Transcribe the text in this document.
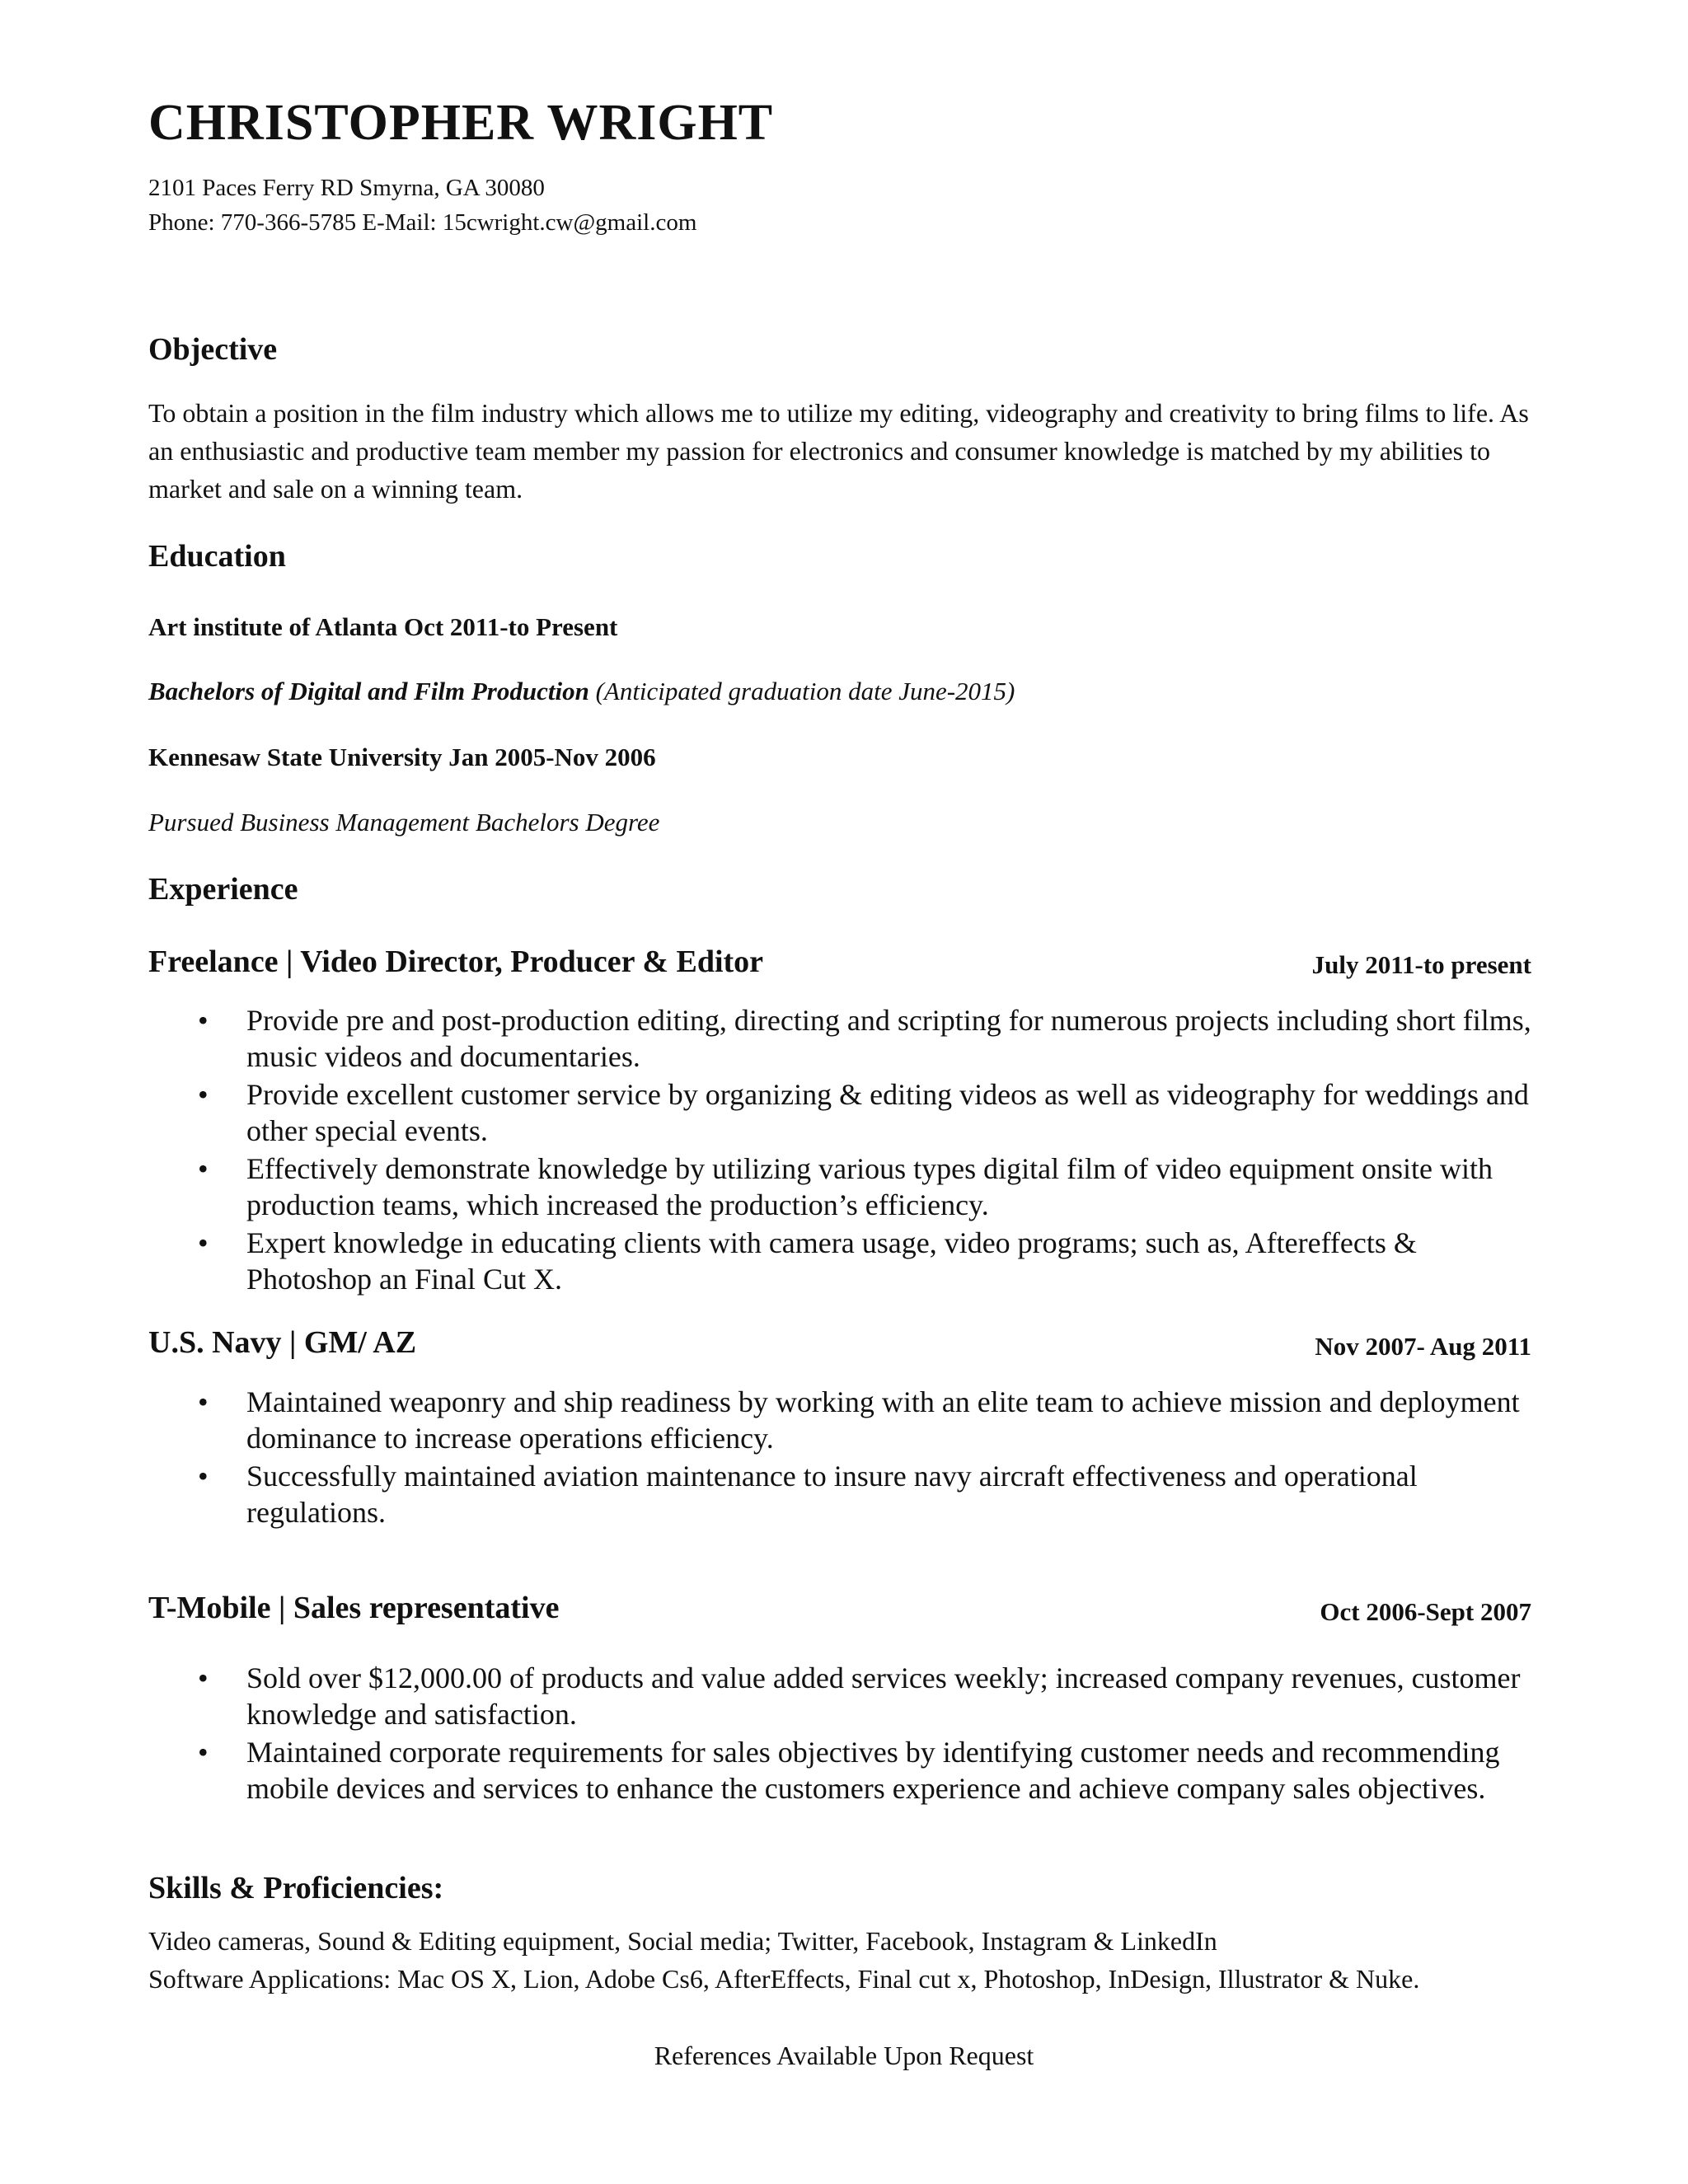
CHRISTOPHER WRIGHT

2101 Paces Ferry RD Smyrna, GA 30080

Phone: 770-366-5785 E-Mail: 15cwright.cw@gmail.com

Objective

To obtain a position in the film industry which allows me to utilize my editing, videography and creativity to bring films to life. As an enthusiastic and productive team member my passion for electronics and consumer knowledge is matched by my abilities to market and sale on a winning team.

Education

Art institute of Atlanta Oct 2011-to Present

Bachelors of Digital and Film Production (Anticipated graduation date June-2015)

Kennesaw State University Jan 2005-Nov 2006

Pursued Business Management Bachelors Degree

Experience

Freelance | Video Director, Producer & Editor	July 2011-to present

• Provide pre and post-production editing, directing and scripting for numerous projects including short films, music videos and documentaries.
• Provide excellent customer service by organizing & editing videos as well as videography for weddings and other special events.
• Effectively demonstrate knowledge by utilizing various types digital film of video equipment onsite with production teams, which increased the production’s efficiency.
• Expert knowledge in educating clients with camera usage, video programs; such as, Aftereffects & Photoshop an Final Cut X.

U.S. Navy | GM/ AZ	Nov 2007- Aug 2011

• Maintained weaponry and ship readiness by working with an elite team to achieve mission and deployment dominance to increase operations efficiency.
• Successfully maintained aviation maintenance to insure navy aircraft effectiveness and operational regulations.

T-Mobile | Sales representative	Oct 2006-Sept 2007

• Sold over $12,000.00 of products and value added services weekly; increased company revenues, customer knowledge and satisfaction.
• Maintained corporate requirements for sales objectives by identifying customer needs and recommending mobile devices and services to enhance the customers experience and achieve company sales objectives.
Skills & Proficiencies:

Video cameras, Sound & Editing equipment, Social media; Twitter, Facebook, Instagram & LinkedIn

Software Applications: Mac OS X, Lion, Adobe Cs6, AfterEffects, Final cut x, Photoshop, InDesign, Illustrator & Nuke.

References Available Upon Request
